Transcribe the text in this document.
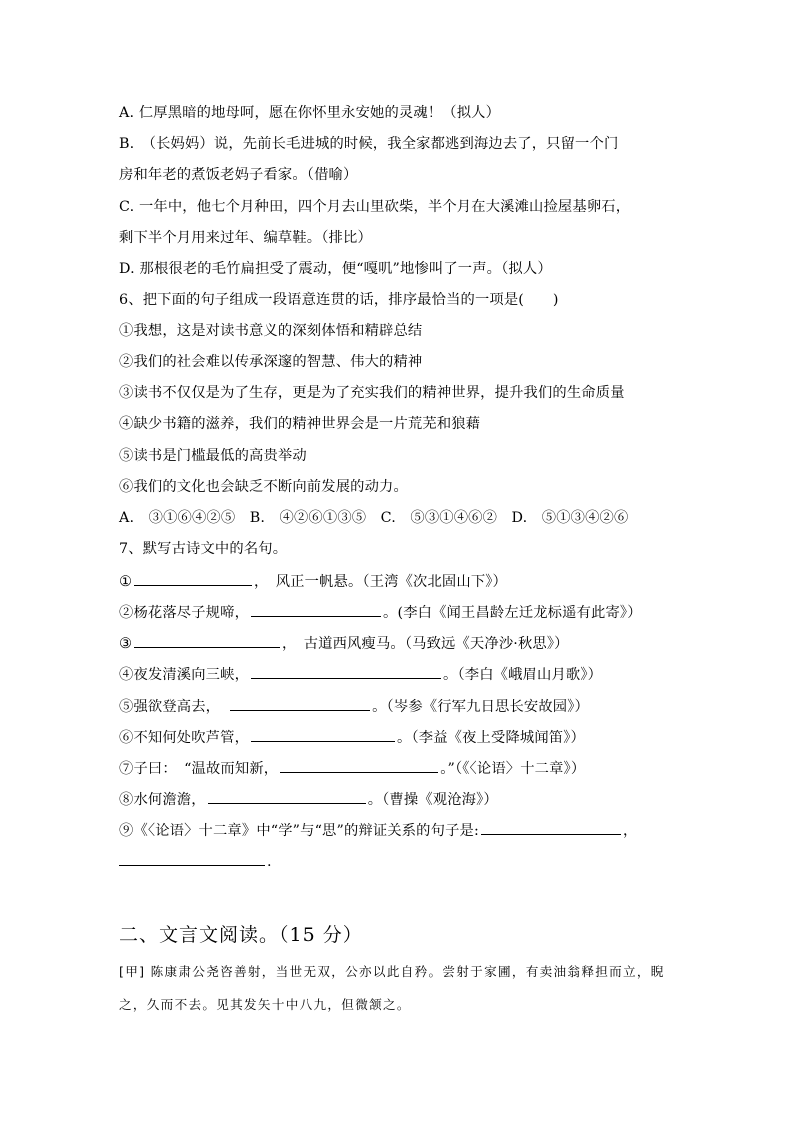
A. 仁厚黑暗的地母呵，愿在你怀里永安她的灵魂！（拟人）
B.　（长妈妈）说，先前长毛进城的时候，我全家都逃到海边去了，只留一个门
房和年老的煮饭老妈子看家。（借喻）
C. 一年中，他七个月种田，四个月去山里砍柴，半个月在大溪滩山捡屋基卵石，
剩下半个月用来过年、编草鞋。（排比）
D. 那根很老的毛竹扁担受了震动，便“嘎叽”地惨叫了一声。（拟人）
6、把下面的句子组成一段语意连贯的话，排序最恰当的一项是(　　)
①我想，这是对读书意义的深刻体悟和精辟总结
②我们的社会难以传承深邃的智慧、伟大的精神
③读书不仅仅是为了生存，更是为了充实我们的精神世界，提升我们的生命质量
④缺少书籍的滋养，我们的精神世界会是一片荒芜和狼藉
⑤读书是门槛最低的高贵举动
⑥我们的文化也会缺乏不断向前发展的动力。
A.　③①⑥④②⑤　B.　④②⑥①③⑤　C.　⑤③①④⑥②　D.　⑤①③④②⑥
7、默写古诗文中的名句。
①	，　风正一帆悬。（王湾《次北固山下》）
②杨花落尽子规啼，	。(李白《闻王昌龄左迁龙标遥有此寄》）
③	，　古道西风瘦马。（马致远《天净沙·秋思》）
④夜发清溪向三峡，	。（李白《峨眉山月歌》）
⑤强欲登高去，	。（岑参《行军九日思长安故园》）
⑥不知何处吹芦管，	。（李益《夜上受降城闻笛》）
⑦子曰：　“温故而知新，	。”（《〈论语〉十二章》）
⑧水何澹澹，	。（曹操《观沧海》）
⑨《〈论语〉十二章》中“学”与“思”的辩证关系的句子是:	，
.
二、文言文阅读。（15 分）
[甲] 陈康肃公尧咨善射，当世无双，公亦以此自矜。尝射于家圃，有卖油翁释担而立，睨
之，久而不去。见其发矢十中八九，但微颔之。
